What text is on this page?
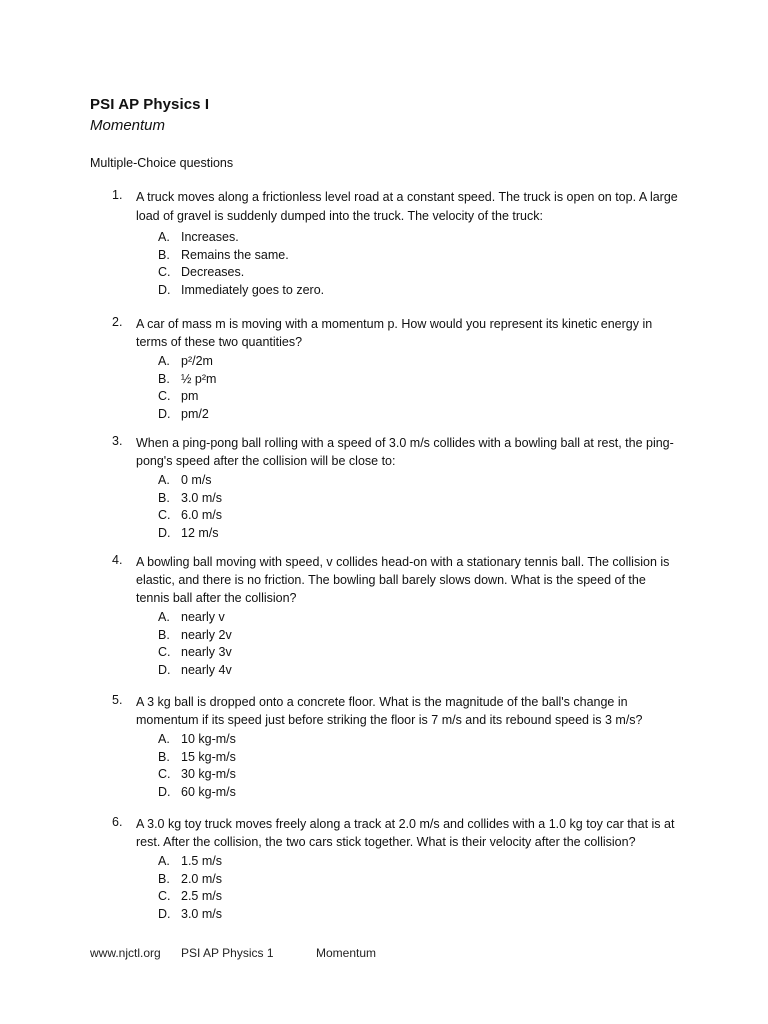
PSI AP Physics I
Momentum
Multiple-Choice questions
1. A truck moves along a frictionless level road at a constant speed. The truck is open on top. A large load of gravel is suddenly dumped into the truck. The velocity of the truck:
A. Increases.
B. Remains the same.
C. Decreases.
D. Immediately goes to zero.
2. A car of mass m is moving with a momentum p. How would you represent its kinetic energy in terms of these two quantities?
A. p²/2m
B. ½ p²m
C. pm
D. pm/2
3. When a ping-pong ball rolling with a speed of 3.0 m/s collides with a bowling ball at rest, the ping-pong's speed after the collision will be close to:
A. 0 m/s
B. 3.0 m/s
C. 6.0 m/s
D. 12 m/s
4. A bowling ball moving with speed, v collides head-on with a stationary tennis ball. The collision is elastic, and there is no friction. The bowling ball barely slows down. What is the speed of the tennis ball after the collision?
A. nearly v
B. nearly 2v
C. nearly 3v
D. nearly 4v
5. A 3 kg ball is dropped onto a concrete floor. What is the magnitude of the ball's change in momentum if its speed just before striking the floor is 7 m/s and its rebound speed is 3 m/s?
A. 10 kg-m/s
B. 15 kg-m/s
C. 30 kg-m/s
D. 60 kg-m/s
6. A 3.0 kg toy truck moves freely along a track at 2.0 m/s and collides with a 1.0 kg toy car that is at rest. After the collision, the two cars stick together. What is their velocity after the collision?
A. 1.5 m/s
B. 2.0 m/s
C. 2.5 m/s
D. 3.0 m/s
www.njctl.org PSI AP Physics 1	Momentum
